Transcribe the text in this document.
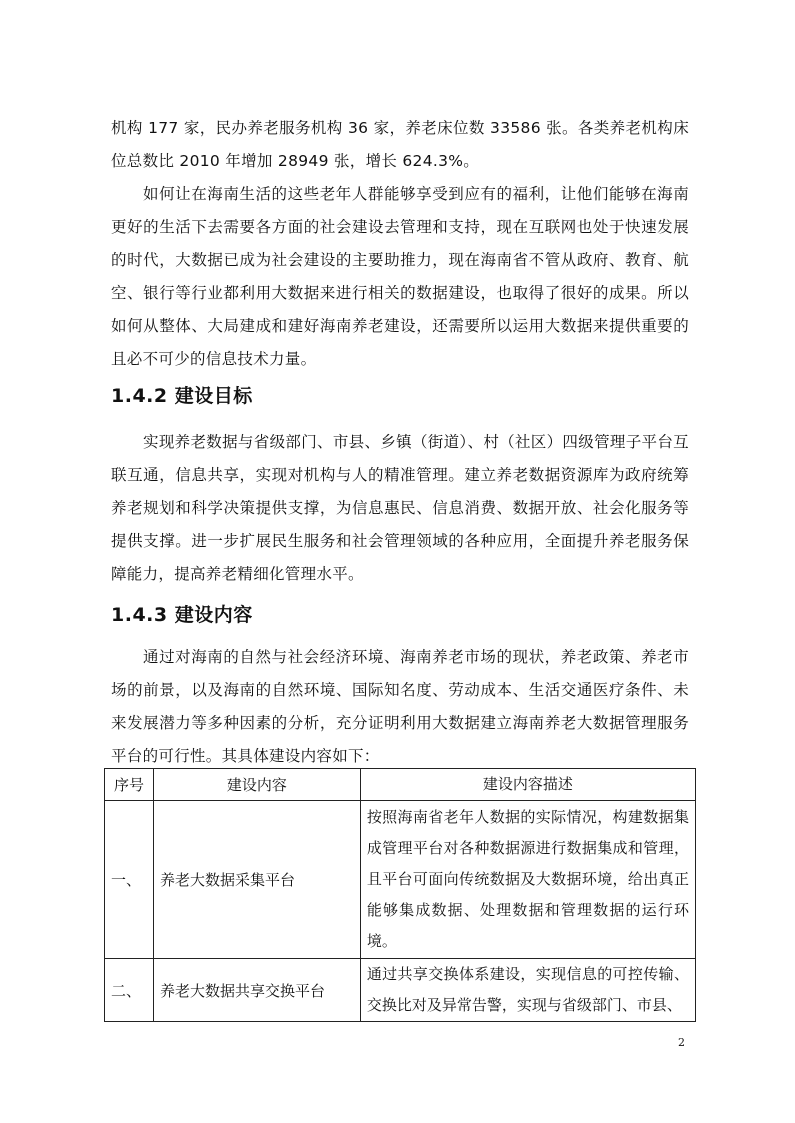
机构 177 家，民办养老服务机构 36 家，养老床位数 33586 张。各类养老机构床位总数比 2010 年增加 28949 张，增长 624.3%。

如何让在海南生活的这些老年人群能够享受到应有的福利，让他们能够在海南更好的生活下去需要各方面的社会建设去管理和支持，现在互联网也处于快速发展的时代，大数据已成为社会建设的主要助推力，现在海南省不管从政府、教育、航空、银行等行业都利用大数据来进行相关的数据建设，也取得了很好的成果。所以如何从整体、大局建成和建好海南养老建设，还需要所以运用大数据来提供重要的且必不可少的信息技术力量。

1.4.2 建设目标

实现养老数据与省级部门、市县、乡镇（街道）、村（社区）四级管理子平台互联互通，信息共享，实现对机构与人的精准管理。建立养老数据资源库为政府统筹养老规划和科学决策提供支撑，为信息惠民、信息消费、数据开放、社会化服务等提供支撑。进一步扩展民生服务和社会管理领域的各种应用，全面提升养老服务保障能力，提高养老精细化管理水平。

1.4.3 建设内容

通过对海南的自然与社会经济环境、海南养老市场的现状，养老政策、养老市场的前景，以及海南的自然环境、国际知名度、劳动成本、生活交通医疗条件、未来发展潜力等多种因素的分析，充分证明利用大数据建立海南养老大数据管理服务平台的可行性。其具体建设内容如下：

序号	建设内容	建设内容描述
一、	养老大数据采集平台	按照海南省老年人数据的实际情况，构建数据集成管理平台对各种数据源进行数据集成和管理，且平台可面向传统数据及大数据环境，给出真正能够集成数据、处理数据和管理数据的运行环境。
二、	养老大数据共享交换平台	通过共享交换体系建设，实现信息的可控传输、交换比对及异常告警，实现与省级部门、市县、
2
